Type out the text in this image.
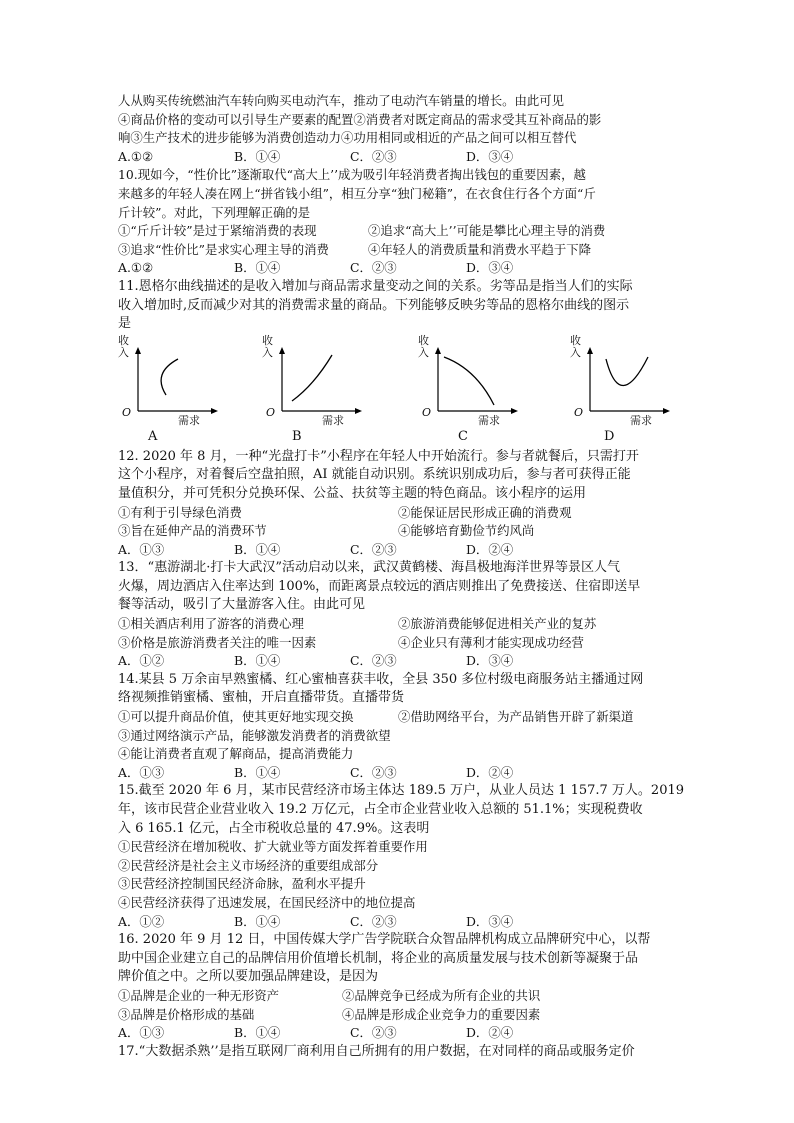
人从购买传统燃油汽车转向购买电动汽车，推动了电动汽车销量的增长。由此可见
④商品价格的变动可以引导生产要素的配置②消费者对既定商品的需求受其互补商品的影
响③生产技术的进步能够为消费创造动力④功用相同或相近的产品之间可以相互替代
A.①②	B．①④	C．②③	D．③④
10.现如今，“性价比”逐渐取代“高大上’’成为吸引年轻消费者掏出钱包的重要因素，越
来越多的年轻人凑在网上“拼省钱小组”，相互分享“独门秘籍”，在衣食住行各个方面“斤
斤计较”。对此，下列理解正确的是
①“斤斤计较”是过于紧缩消费的表现	②追求“高大上’’可能是攀比心理主导的消费
③追求“性价比”是求实心理主导的消费	④年轻人的消费质量和消费水平趋于下降
A.①②	B．①④	C．②③	D．③④
11.恩格尔曲线描述的是收入增加与商品需求量变动之间的关系。劣等品是指当人们的实际
收入增加时,反而减少对其的消费需求量的商品。下列能够反映劣等品的恩格尔曲线的图示
是
收入
O
需求
A
收入
O
需求
B
收入
O
需求
C
收入
O
需求
D
12. 2020 年 8 月，一种“光盘打卡”小程序在年轻人中开始流行。参与者就餐后，只需打开
这个小程序，对着餐后空盘拍照，AI 就能自动识别。系统识别成功后，参与者可获得正能
量值积分，并可凭积分兑换环保、公益、扶贫等主题的特色商品。该小程序的运用
①有利于引导绿色消费	②能保证居民形成正确的消费观
③旨在延伸产品的消费环节	④能够培育勤俭节约风尚
A．①③	B．①④	C．②③	D．②④
13．“惠游湖北·打卡大武汉”活动启动以来，武汉黄鹤楼、海昌极地海洋世界等景区人气
火爆，周边酒店入住率达到 100%，而距离景点较远的酒店则推出了免费接送、住宿即送早
餐等活动，吸引了大量游客入住。由此可见
①相关酒店利用了游客的消费心理	②旅游消费能够促进相关产业的复苏
③价格是旅游消费者关注的唯一因素	④企业只有薄利才能实现成功经营
A．①②	B．①④	C．②③	D．③④
14.某县 5 万余亩早熟蜜橘、红心蜜柚喜获丰收，全县 350 多位村级电商服务站主播通过网
络视频推销蜜橘、蜜柚，开启直播带货。直播带货
①可以提升商品价值，使其更好地实现交换	②借助网络平台，为产品销售开辟了新渠道
③通过网络演示产品，能够激发消费者的消费欲望
④能让消费者直观了解商品，提高消费能力
A．①③	B．①④	C．②③	D．②④
15.截至 2020 年 6 月，某市民营经济市场主体达 189.5 万户，从业人员达 1 157.7 万人。2019
年，该市民营企业营业收入 19.2 万亿元，占全市企业营业收入总额的 51.1%；实现税费收
入 6 165.1 亿元，占全市税收总量的 47.9%。这表明
①民营经济在增加税收、扩大就业等方面发挥着重要作用
②民营经济是社会主义市场经济的重要组成部分
③民营经济控制国民经济命脉，盈利水平提升
④民营经济获得了迅速发展，在国民经济中的地位提高
A．①②	B．①④	C．②③	D．③④
16. 2020 年 9 月 12 日，中国传媒大学广告学院联合众智品牌机构成立品牌研究中心，以帮
助中国企业建立自己的品牌信用价值增长机制，将企业的高质量发展与技术创新等凝聚于品
牌价值之中。之所以要加强品牌建设，是因为
①品牌是企业的一种无形资产	②品牌竞争已经成为所有企业的共识
③品牌是价格形成的基础	④品牌是形成企业竞争力的重要因素
A．①③	B．①④	C．②③	D．②④
17.“大数据杀熟’’是指互联网厂商利用自己所拥有的用户数据，在对同样的商品或服务定价
